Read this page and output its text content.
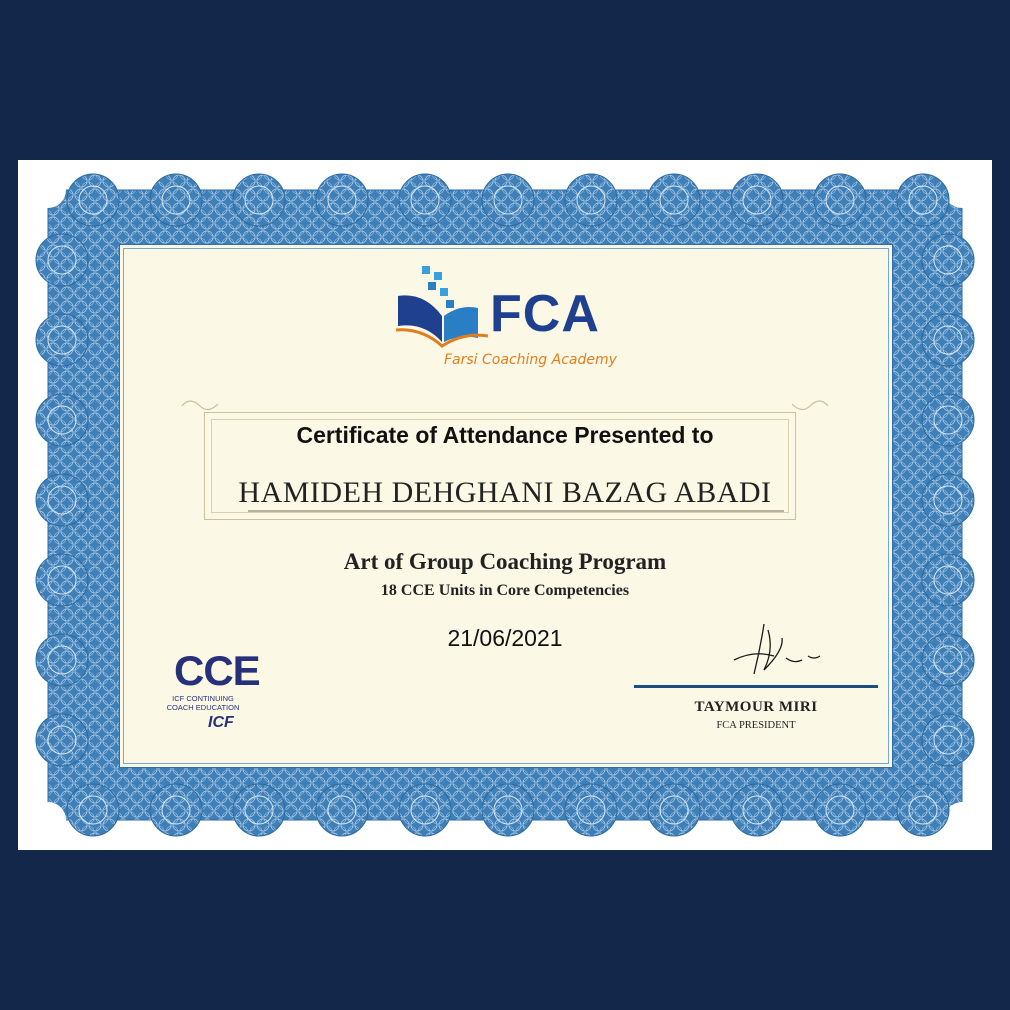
FCA
Farsi Coaching Academy
Certificate of Attendance Presented to
HAMIDEH DEHGHANI BAZAG ABADI
Art of Group Coaching Program
18 CCE Units in Core Competencies
21/06/2021
CCE
ICF CONTINUING
COACH EDUCATION
ICF
TAYMOUR MIRI
FCA PRESIDENT
